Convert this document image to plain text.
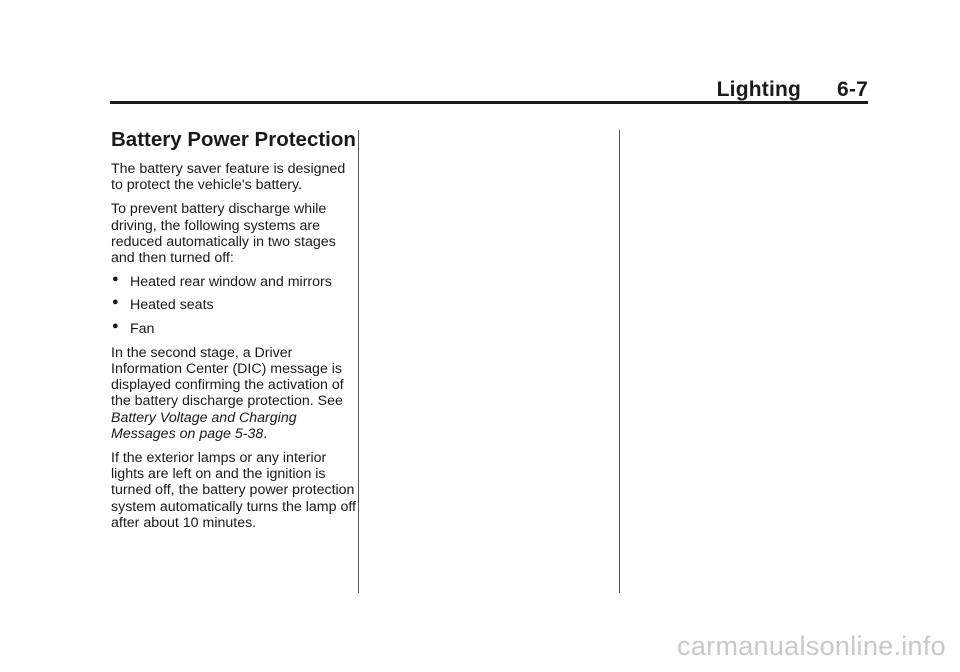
Lighting 6-7
Battery Power Protection

The battery saver feature is designed to protect the vehicle's battery.

To prevent battery discharge while driving, the following systems are reduced automatically in two stages and then turned off:

● Heated rear window and mirrors
● Heated seats
● Fan

In the second stage, a Driver Information Center (DIC) message is displayed confirming the activation of the battery discharge protection. See Battery Voltage and Charging Messages on page 5-38.

If the exterior lamps or any interior lights are left on and the ignition is turned off, the battery power protection system automatically turns the lamp off after about 10 minutes.

carmanualsonline.info
